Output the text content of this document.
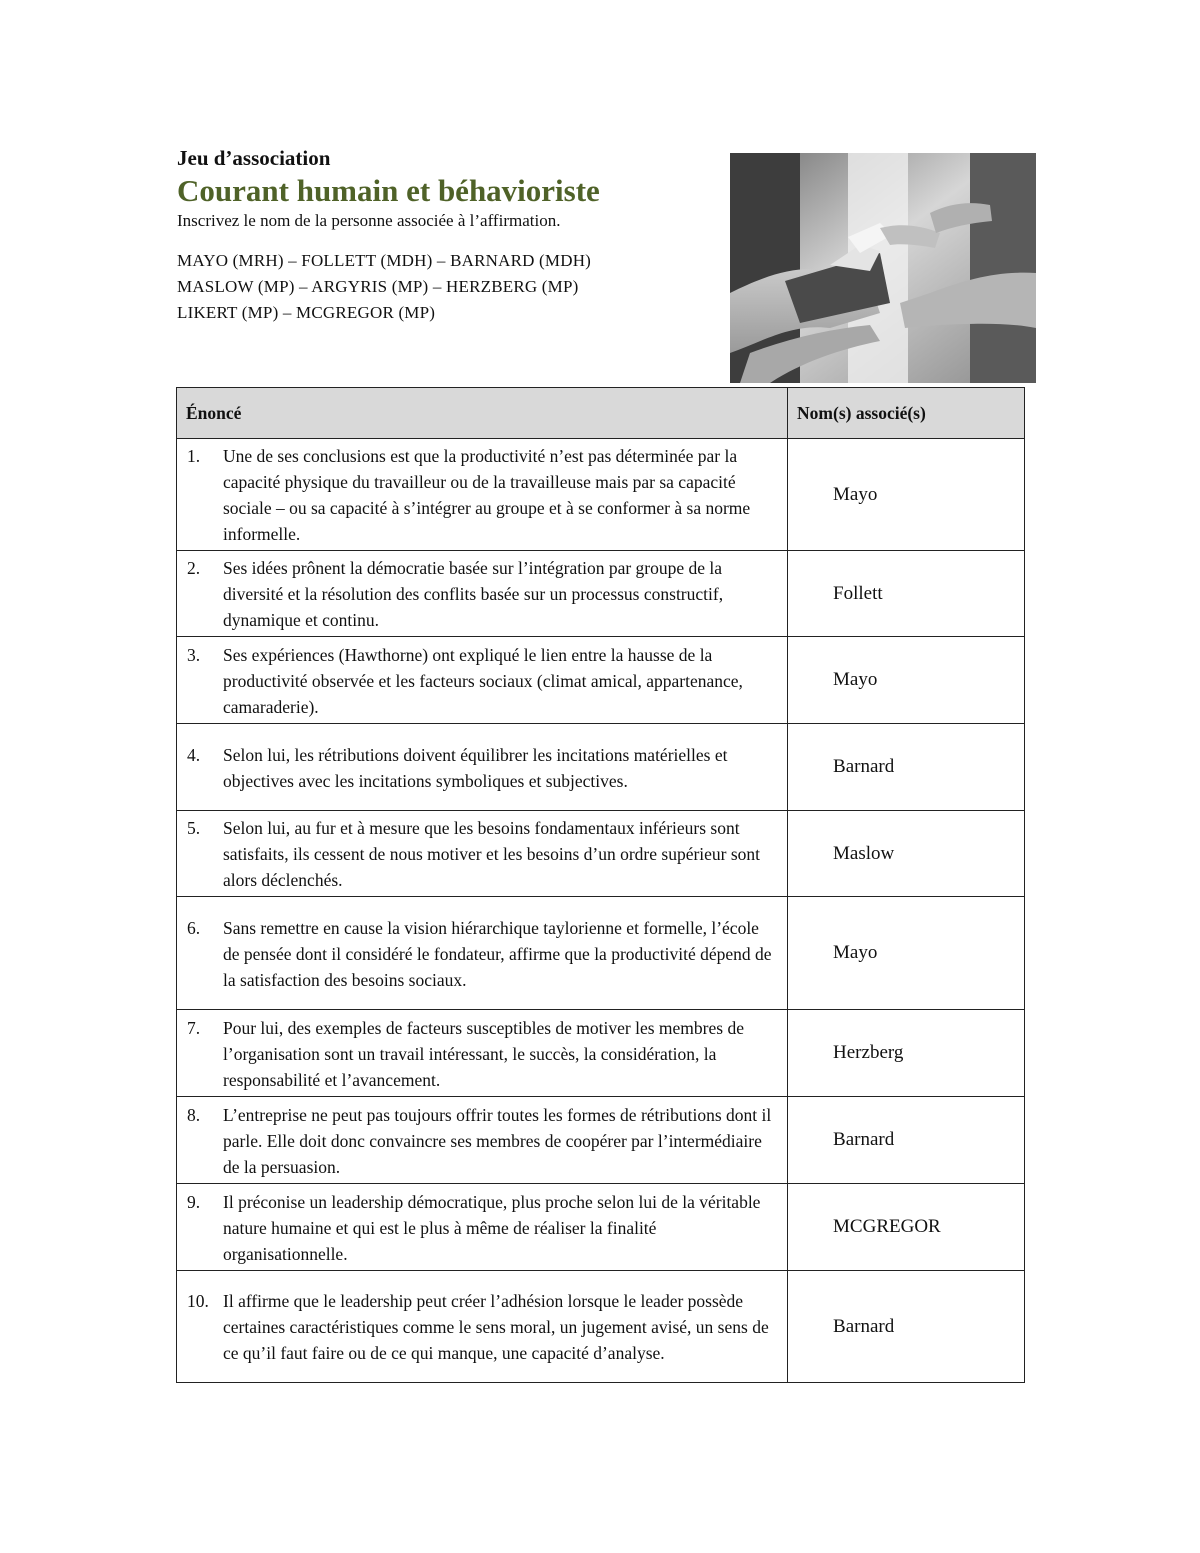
Jeu d’association
Courant humain et béhavioriste
Inscrivez le nom de la personne associée à l’affirmation.
MAYO (MRH) – FOLLETT (MDH) – BARNARD (MDH)
MASLOW (MP) – ARGYRIS (MP) – HERZBERG (MP)
LIKERT (MP) – MCGREGOR (MP)
Énoncé	Nom(s) associé(s)

1. Une de ses conclusions est que la productivité n’est pas déterminée par la capacité physique du travailleur ou de la travailleuse mais par sa capacité sociale – ou sa capacité à s’intégrer au groupe et à se conformer à sa norme informelle.	Mayo

2. Ses idées prônent la démocratie basée sur l’intégration par groupe de la diversité et la résolution des conflits basée sur un processus constructif, dynamique et continu.	Follett

3. Ses expériences (Hawthorne) ont expliqué le lien entre la hausse de la productivité observée et les facteurs sociaux (climat amical, appartenance, camaraderie).	Mayo

4. Selon lui, les rétributions doivent équilibrer les incitations matérielles et objectives avec les incitations symboliques et subjectives.	Barnard

5. Selon lui, au fur et à mesure que les besoins fondamentaux inférieurs sont satisfaits, ils cessent de nous motiver et les besoins d’un ordre supérieur sont alors déclenchés.	Maslow

6. Sans remettre en cause la vision hiérarchique taylorienne et formelle, l’école de pensée dont il considéré le fondateur, affirme que la productivité dépend de la satisfaction des besoins sociaux.	Mayo

7. Pour lui, des exemples de facteurs susceptibles de motiver les membres de l’organisation sont un travail intéressant, le succès, la considération, la responsabilité et l’avancement.	Herzberg

8. L’entreprise ne peut pas toujours offrir toutes les formes de rétributions dont il parle. Elle doit donc convaincre ses membres de coopérer par l’intermédiaire de la persuasion.	Barnard

9. Il préconise un leadership démocratique, plus proche selon lui de la véritable nature humaine et qui est le plus à même de réaliser la finalité organisationnelle.	MCGREGOR

10. Il affirme que le leadership peut créer l’adhésion lorsque le leader possède certaines caractéristiques comme le sens moral, un jugement avisé, un sens de ce qu’il faut faire ou de ce qui manque, une capacité d’analyse.	Barnard
